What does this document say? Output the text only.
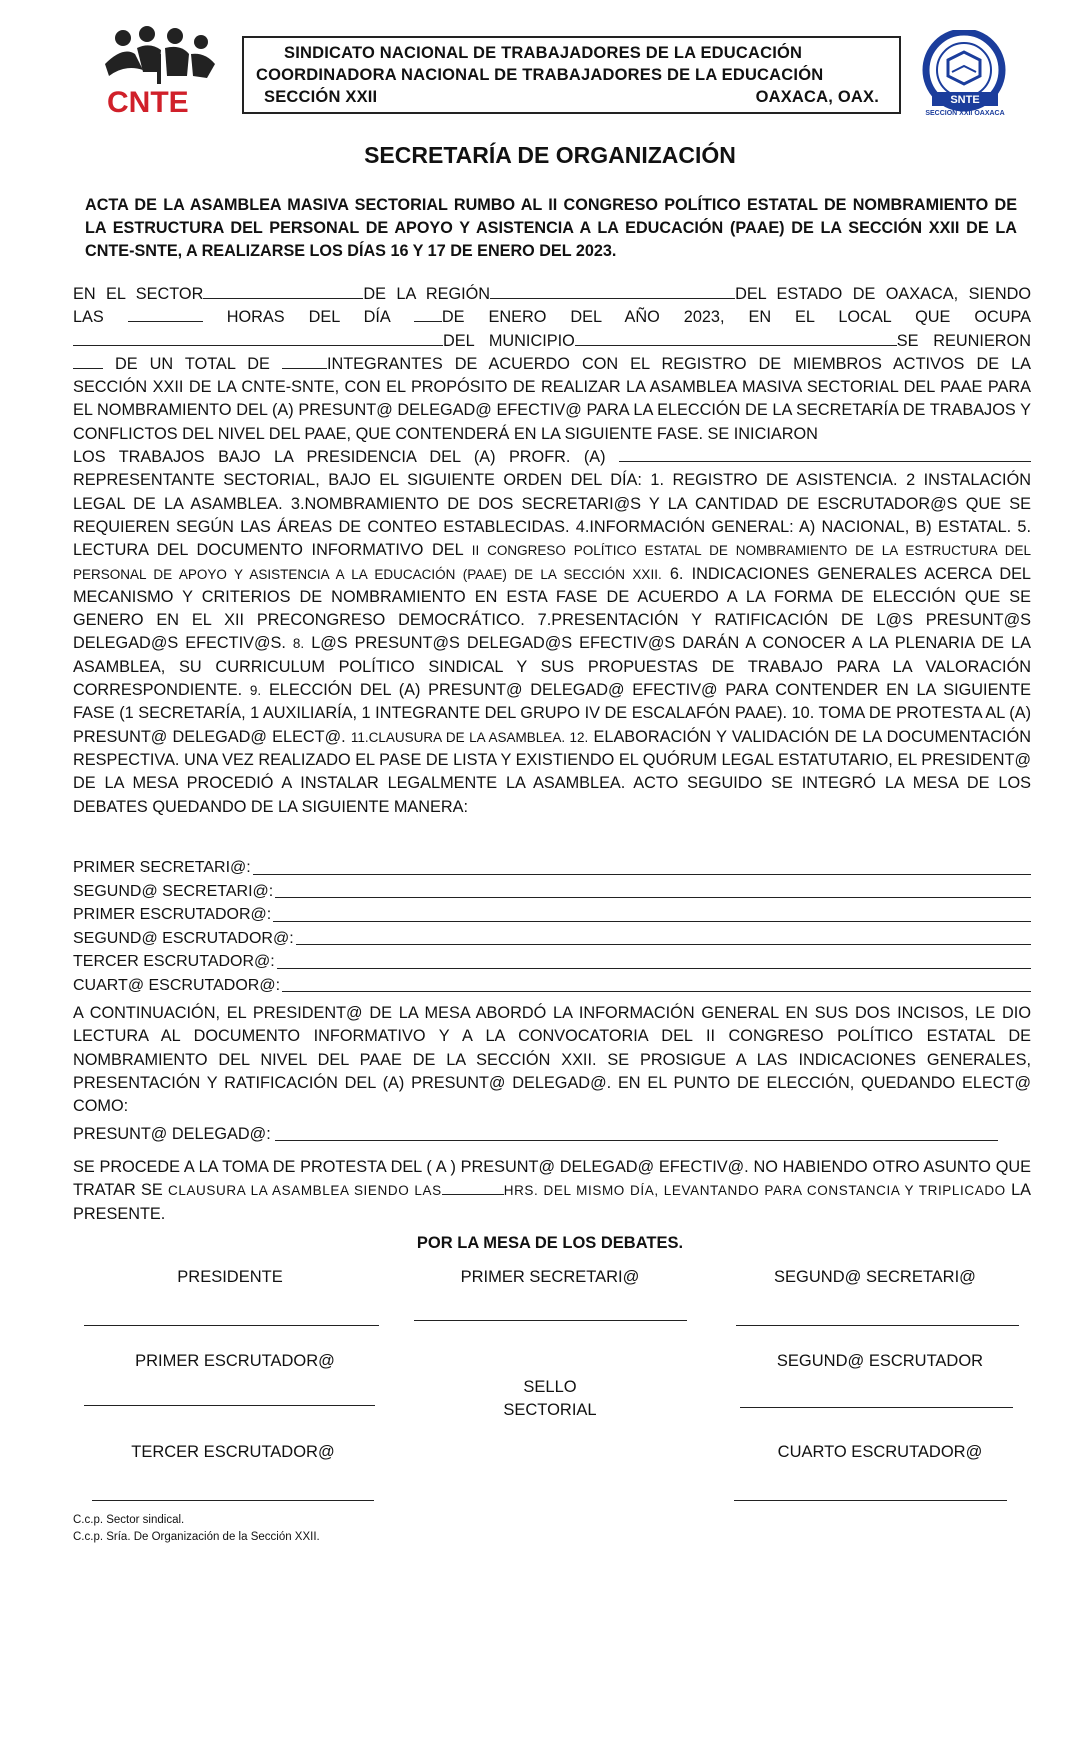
CNTE
SINDICATO NACIONAL DE TRABAJADORES DE LA EDUCACIÓN
COORDINADORA NACIONAL DE TRABAJADORES DE LA EDUCACIÓN
SECCIÓN XXII	OAXACA, OAX.	SNTE
SECCION XXII OAXACA
SECRETARÍA DE ORGANIZACIÓN
ACTA DE LA ASAMBLEA MASIVA SECTORIAL RUMBO AL II CONGRESO POLÍTICO ESTATAL DE NOMBRAMIENTO DE LA ESTRUCTURA DEL PERSONAL DE APOYO Y ASISTENCIA A LA EDUCACIÓN (PAAE) DE LA SECCIÓN XXII DE LA CNTE-SNTE, A REALIZARSE LOS DÍAS 16 Y 17 DE ENERO DEL 2023.
EN EL SECTOR	DE LA REGIÓN	DEL ESTADO DE OAXACA, SIENDO
LAS	HORAS DEL DÍA	DE ENERO DEL AÑO 2023, EN EL LOCAL QUE OCUPA
DEL MUNICIPIO	SE REUNIERON
DE UN TOTAL DE	INTEGRANTES DE ACUERDO CON EL REGISTRO DE MIEMBROS ACTIVOS DE LA
SECCIÓN XXII DE LA CNTE-SNTE, CON EL PROPÓSITO DE REALIZAR LA ASAMBLEA MASIVA SECTORIAL DEL PAAE PARA EL NOMBRAMIENTO DEL (A) PRESUNT@ DELEGAD@ EFECTIV@ PARA LA ELECCIÓN DE LA SECRETARÍA DE TRABAJOS Y CONFLICTOS DEL NIVEL DEL PAAE, QUE CONTENDERÁ EN LA SIGUIENTE FASE. SE INICIARON
LOS TRABAJOS BAJO LA PRESIDENCIA DEL (A) PROFR. (A)
REPRESENTANTE SECTORIAL, BAJO EL SIGUIENTE ORDEN DEL DÍA: 1. REGISTRO DE ASISTENCIA. 2 INSTALACIÓN LEGAL DE LA ASAMBLEA. 3.NOMBRAMIENTO DE DOS SECRETARI@S Y LA CANTIDAD DE ESCRUTADOR@S QUE SE REQUIEREN SEGÚN LAS ÁREAS DE CONTEO ESTABLECIDAS. 4.INFORMACIÓN GENERAL: A) NACIONAL, B) ESTATAL. 5. LECTURA DEL DOCUMENTO INFORMATIVO DEL II CONGRESO POLÍTICO ESTATAL DE NOMBRAMIENTO DE LA ESTRUCTURA DEL PERSONAL DE APOYO Y ASISTENCIA A LA EDUCACIÓN (PAAE) DE LA SECCIÓN XXII. 6. INDICACIONES GENERALES ACERCA DEL MECANISMO Y CRITERIOS DE NOMBRAMIENTO EN ESTA FASE DE ACUERDO A LA FORMA DE ELECCIÓN QUE SE GENERO EN EL XII PRECONGRESO DEMOCRÁTICO. 7.PRESENTACIÓN Y RATIFICACIÓN DE L@S PRESUNT@S DELEGAD@S EFECTIV@S. 8. L@S PRESUNT@S DELEGAD@S EFECTIV@S DARÁN A CONOCER A LA PLENARIA DE LA ASAMBLEA, SU CURRICULUM POLÍTICO SINDICAL Y SUS PROPUESTAS DE TRABAJO PARA LA VALORACIÓN CORRESPONDIENTE. 9. ELECCIÓN DEL (A) PRESUNT@ DELEGAD@ EFECTIV@ PARA CONTENDER EN LA SIGUIENTE FASE (1 SECRETARÍA, 1 AUXILIARÍA, 1 INTEGRANTE DEL GRUPO IV DE ESCALAFÓN PAAE). 10. TOMA DE PROTESTA AL (A) PRESUNT@ DELEGAD@ ELECT@. 11.CLAUSURA DE LA ASAMBLEA. 12. ELABORACIÓN Y VALIDACIÓN DE LA DOCUMENTACIÓN RESPECTIVA. UNA VEZ REALIZADO EL PASE DE LISTA Y EXISTIENDO EL QUÓRUM LEGAL ESTATUTARIO, EL PRESIDENT@ DE LA MESA PROCEDIÓ A INSTALAR LEGALMENTE LA ASAMBLEA. ACTO SEGUIDO SE INTEGRÓ LA MESA DE LOS DEBATES QUEDANDO DE LA SIGUIENTE MANERA:
PRIMER SECRETARI@:
SEGUND@ SECRETARI@:
PRIMER ESCRUTADOR@:
SEGUND@ ESCRUTADOR@:
TERCER ESCRUTADOR@:
CUART@ ESCRUTADOR@:
A CONTINUACIÓN, EL PRESIDENT@ DE LA MESA ABORDÓ LA INFORMACIÓN GENERAL EN SUS DOS INCISOS, LE DIO LECTURA AL DOCUMENTO INFORMATIVO Y A LA CONVOCATORIA DEL II CONGRESO POLÍTICO ESTATAL DE NOMBRAMIENTO DEL NIVEL DEL PAAE DE LA SECCIÓN XXII. SE PROSIGUE A LAS INDICACIONES GENERALES, PRESENTACIÓN Y RATIFICACIÓN DEL (A) PRESUNT@ DELEGAD@. EN EL PUNTO DE ELECCIÓN, QUEDANDO ELECT@ COMO:
PRESUNT@ DELEGAD@:
SE PROCEDE A LA TOMA DE PROTESTA DEL ( A ) PRESUNT@ DELEGAD@ EFECTIV@. NO HABIENDO OTRO ASUNTO QUE TRATAR SE CLAUSURA LA ASAMBLEA SIENDO LAS	HRS. DEL MISMO DÍA, LEVANTANDO PARA CONSTANCIA Y TRIPLICADO LA PRESENTE.
POR LA MESA DE LOS DEBATES.
PRESIDENTE	PRIMER SECRETARI@	SEGUND@ SECRETARI@
PRIMER ESCRUTADOR@	SEGUND@ ESCRUTADOR
SELLO
SECTORIAL
TERCER ESCRUTADOR@	CUARTO ESCRUTADOR@
C.c.p. Sector sindical.
C.c.p. Sría. De Organización de la Sección XXII.
